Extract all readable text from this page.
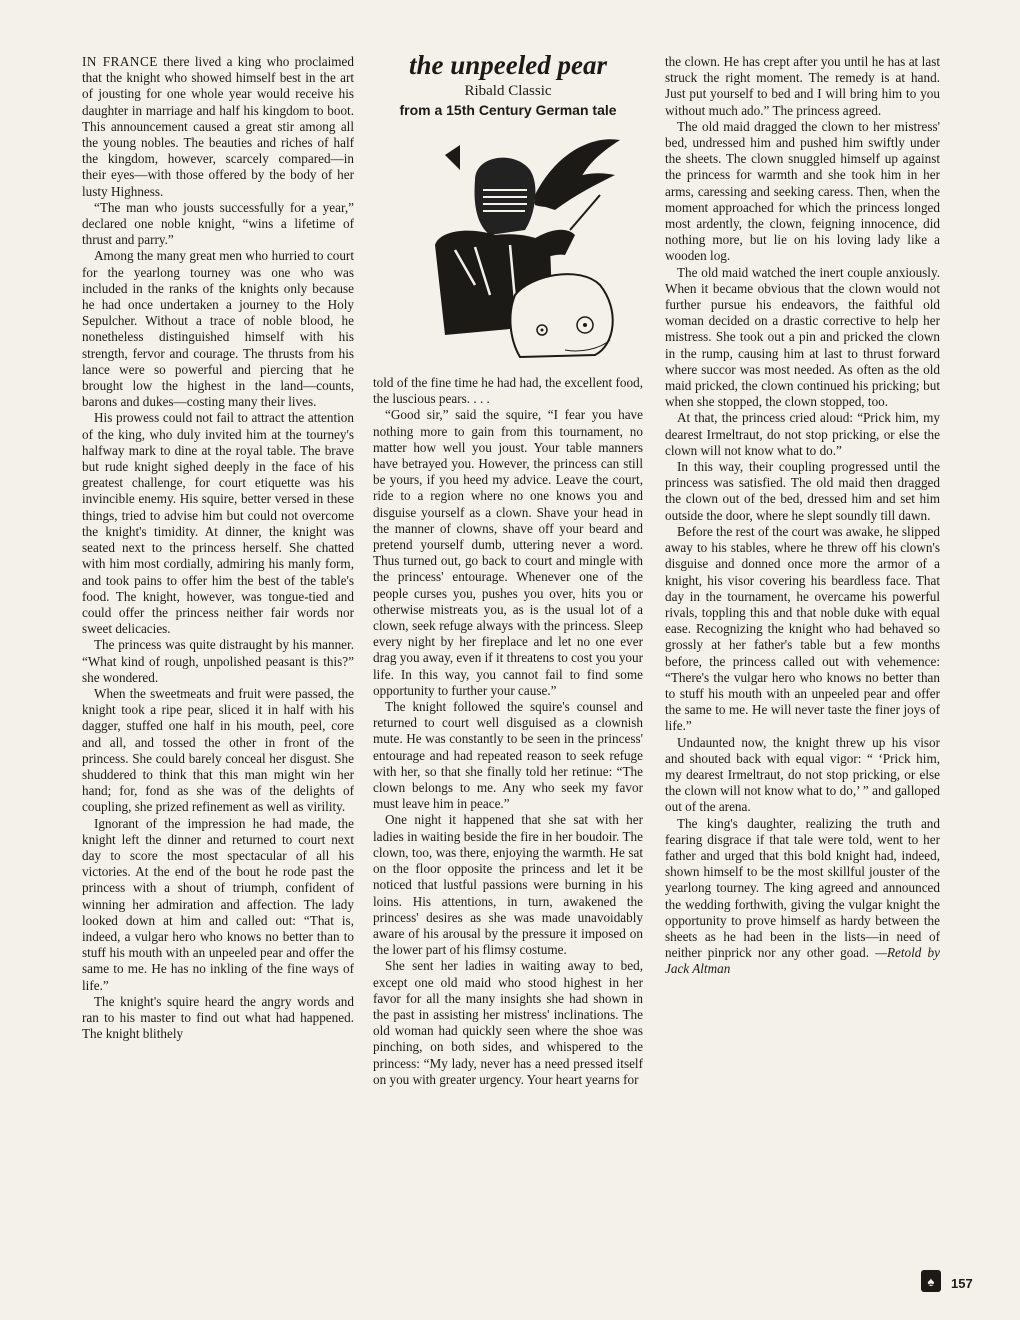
the unpeeled pear
Ribald Classic
from a 15th Century German tale

IN FRANCE there lived a king who proclaimed that the knight who showed himself best in the art of jousting for one whole year would receive his daughter in marriage and half his kingdom to boot. This announcement caused a great stir among all the young nobles. The beauties and riches of half the kingdom, however, scarcely compared—in their eyes—with those offered by the body of her lusty Highness.

“The man who jousts successfully for a year,” declared one noble knight, “wins a lifetime of thrust and parry.”

Among the many great men who hurried to court for the yearlong tourney was one who was included in the ranks of the knights only because he had once undertaken a journey to the Holy Sepulcher. Without a trace of noble blood, he nonetheless distinguished himself with his strength, fervor and courage. The thrusts from his lance were so powerful and piercing that he brought low the highest in the land—counts, barons and dukes—costing many their lives.

His prowess could not fail to attract the attention of the king, who duly invited him at the tourney's halfway mark to dine at the royal table. The brave but rude knight sighed deeply in the face of his greatest challenge, for court etiquette was his invincible enemy. His squire, better versed in these things, tried to advise him but could not overcome the knight's timidity. At dinner, the knight was seated next to the princess herself. She chatted with him most cordially, admiring his manly form, and took pains to offer him the best of the table's food. The knight, however, was tongue-tied and could offer the princess neither fair words nor sweet delicacies.

The princess was quite distraught by his manner. “What kind of rough, unpolished peasant is this?” she wondered.

When the sweetmeats and fruit were passed, the knight took a ripe pear, sliced it in half with his dagger, stuffed one half in his mouth, peel, core and all, and tossed the other in front of the princess. She could barely conceal her disgust. She shuddered to think that this man might win her hand; for, fond as she was of the delights of coupling, she prized refinement as well as virility.

Ignorant of the impression he had made, the knight left the dinner and returned to court next day to score the most spectacular of all his victories. At the end of the bout he rode past the princess with a shout of triumph, confident of winning her admiration and affection. The lady looked down at him and called out: “That is, indeed, a vulgar hero who knows no better than to stuff his mouth with an unpeeled pear and offer the same to me. He has no inkling of the fine ways of life.”

The knight's squire heard the angry words and ran to his master to find out what had happened. The knight blithely

told of the fine time he had had, the excellent food, the luscious pears. . . .

“Good sir,” said the squire, “I fear you have nothing more to gain from this tournament, no matter how well you joust. Your table manners have betrayed you. However, the princess can still be yours, if you heed my advice. Leave the court, ride to a region where no one knows you and disguise yourself as a clown. Shave your head in the manner of clowns, shave off your beard and pretend yourself dumb, uttering never a word. Thus turned out, go back to court and mingle with the princess' entourage. Whenever one of the people curses you, pushes you over, hits you or otherwise mistreats you, as is the usual lot of a clown, seek refuge always with the princess. Sleep every night by her fireplace and let no one ever drag you away, even if it threatens to cost you your life. In this way, you cannot fail to find some opportunity to further your cause.”

The knight followed the squire's counsel and returned to court well disguised as a clownish mute. He was constantly to be seen in the princess' entourage and had repeated reason to seek refuge with her, so that she finally told her retinue: “The clown belongs to me. Any who seek my favor must leave him in peace.”

One night it happened that she sat with her ladies in waiting beside the fire in her boudoir. The clown, too, was there, enjoying the warmth. He sat on the floor opposite the princess and let it be noticed that lustful passions were burning in his loins. His attentions, in turn, awakened the princess' desires as she was made unavoidably aware of his arousal by the pressure it imposed on the lower part of his flimsy costume.

She sent her ladies in waiting away to bed, except one old maid who stood highest in her favor for all the many insights she had shown in the past in assisting her mistress' inclinations. The old woman had quickly seen where the shoe was pinching, on both sides, and whispered to the princess: “My lady, never has a need pressed itself on you with greater urgency. Your heart yearns for

the clown. He has crept after you until he has at last struck the right moment. The remedy is at hand. Just put yourself to bed and I will bring him to you without much ado.” The princess agreed.

The old maid dragged the clown to her mistress' bed, undressed him and pushed him swiftly under the sheets. The clown snuggled himself up against the princess for warmth and she took him in her arms, caressing and seeking caress. Then, when the moment approached for which the princess longed most ardently, the clown, feigning innocence, did nothing more, but lie on his loving lady like a wooden log.

The old maid watched the inert couple anxiously. When it became obvious that the clown would not further pursue his endeavors, the faithful old woman decided on a drastic corrective to help her mistress. She took out a pin and pricked the clown in the rump, causing him at last to thrust forward where succor was most needed. As often as the old maid pricked, the clown continued his pricking; but when she stopped, the clown stopped, too.

At that, the princess cried aloud: “Prick him, my dearest Irmeltraut, do not stop pricking, or else the clown will not know what to do.”

In this way, their coupling progressed until the princess was satisfied. The old maid then dragged the clown out of the bed, dressed him and set him outside the door, where he slept soundly till dawn.

Before the rest of the court was awake, he slipped away to his stables, where he threw off his clown's disguise and donned once more the armor of a knight, his visor covering his beardless face. That day in the tournament, he overcame his powerful rivals, toppling this and that noble duke with equal ease. Recognizing the knight who had behaved so grossly at her father's table but a few months before, the princess called out with vehemence: “There's the vulgar hero who knows no better than to stuff his mouth with an unpeeled pear and offer the same to me. He will never taste the finer joys of life.”

Undaunted now, the knight threw up his visor and shouted back with equal vigor: “ ‘Prick him, my dearest Irmeltraut, do not stop pricking, or else the clown will not know what to do,’ ” and galloped out of the arena.

The king's daughter, realizing the truth and fearing disgrace if that tale were told, went to her father and urged that this bold knight had, indeed, shown himself to be the most skillful jouster of the yearlong tourney. The king agreed and announced the wedding forthwith, giving the vulgar knight the opportunity to prove himself as hardy between the sheets as he had been in the lists—in need of neither pinprick nor any other goad. —Retold by Jack Altman

♠	157
